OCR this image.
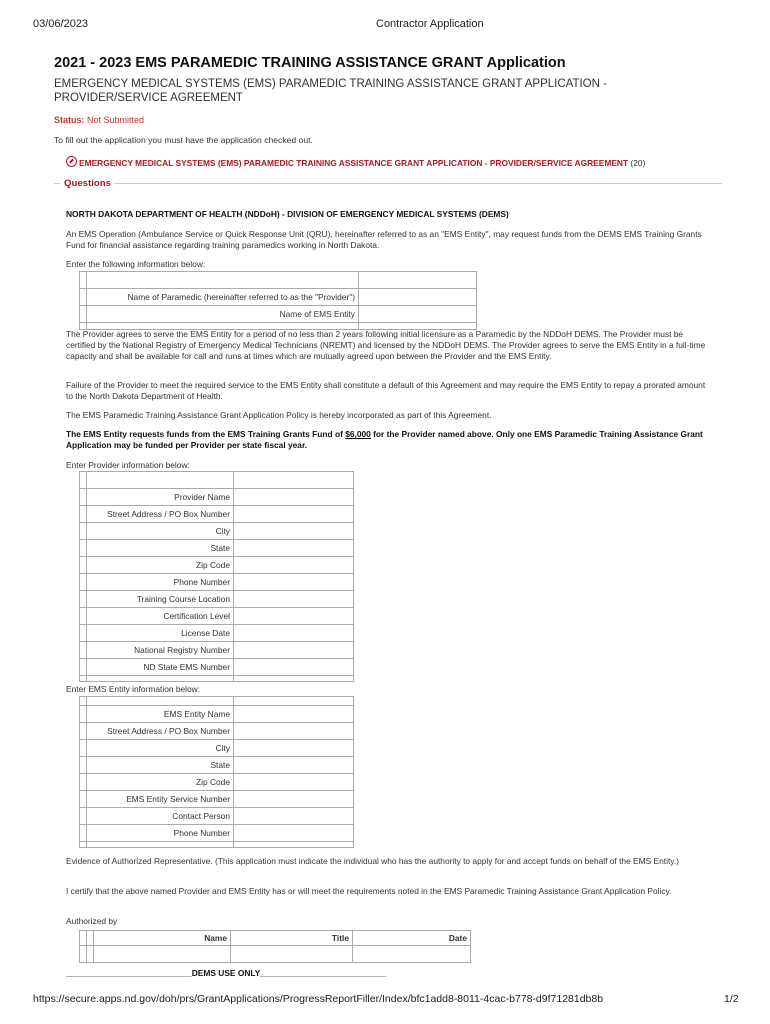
03/06/2023	Contractor Application
2021 - 2023 EMS PARAMEDIC TRAINING ASSISTANCE GRANT Application
EMERGENCY MEDICAL SYSTEMS (EMS) PARAMEDIC TRAINING ASSISTANCE GRANT APPLICATION - PROVIDER/SERVICE AGREEMENT
Status: Not Submitted
To fill out the application you must have the application checked out.
EMERGENCY MEDICAL SYSTEMS (EMS) PARAMEDIC TRAINING ASSISTANCE GRANT APPLICATION - PROVIDER/SERVICE AGREEMENT (20)
Questions
NORTH DAKOTA DEPARTMENT OF HEALTH (NDDoH) - DIVISION OF EMERGENCY MEDICAL SYSTEMS (DEMS)
An EMS Operation (Ambulance Service or Quick Response Unit (QRU), hereinafter referred to as an "EMS Entity", may request funds from the DEMS EMS Training Grants Fund for financial assistance regarding training paramedics working in North Dakota.
Enter the following information below:

	Name of Paramedic (hereinafter referred to as the "Provider")	
	Name of EMS Entity	

The Provider agrees to serve the EMS Entity for a period of no less than 2 years following initial licensure as a Paramedic by the NDDoH DEMS. The Provider must be certified by the National Registry of Emergency Medical Technicians (NREMT) and licensed by the NDDoH DEMS. The Provider agrees to serve the EMS Entity in a full-time capacity and shall be available for call and runs at times which are mutually agreed upon between the Provider and the EMS Entity.
Failure of the Provider to meet the required service to the EMS Entity shall constitute a default of this Agreement and may require the EMS Entity to repay a prorated amount to the North Dakota Department of Health.
The EMS Paramedic Training Assistance Grant Application Policy is hereby incorporated as part of this Agreement.
The EMS Entity requests funds from the EMS Training Grants Fund of $6,000 for the Provider named above. Only one EMS Paramedic Training Assistance Grant Application may be funded per Provider per state fiscal year.
Enter Provider information below:

	Provider Name	
	Street Address / PO Box Number	
	City	
	State	
	Zip Code	
	Phone Number	
	Training Course Location	
	Certification Level	
	License Date	
	National Registry Number	
	ND State EMS Number	

Enter EMS Entity information below:

	EMS Entity Name	
	Street Address / PO Box Number	
	City	
	State	
	Zip Code	
	EMS Entity Service Number	
	Contact Person	
	Phone Number	

Evidence of Authorized Representative. (This application must indicate the individual who has the authority to apply for and accept funds on behalf of the EMS Entity.)
I certify that the above named Provider and EMS Entity has or will meet the requirements noted in the EMS Paramedic Training Assistance Grant Application Policy.
Authorized by
		Name	Title	Date

___________________________DEMS USE ONLY___________________________
https://secure.apps.nd.gov/doh/prs/GrantApplications/ProgressReportFiller/Index/bfc1add8-8011-4cac-b778-d9f71281db8b	1/2
